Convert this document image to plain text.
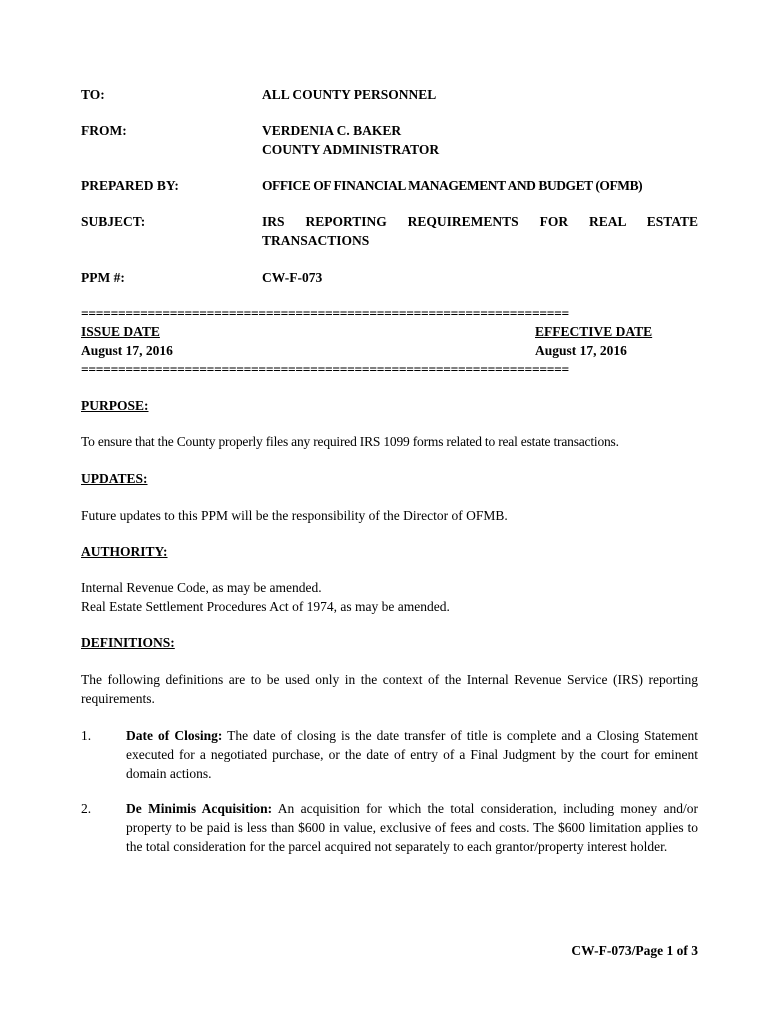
TO:	ALL COUNTY PERSONNEL
FROM:	VERDENIA C. BAKER
COUNTY ADMINISTRATOR
PREPARED BY:	OFFICE OF FINANCIAL MANAGEMENT AND BUDGET (OFMB)
SUBJECT:	IRS REPORTING REQUIREMENTS FOR REAL ESTATE
TRANSACTIONS
PPM #:	CW-F-073
==================================================================
ISSUE DATE
August 17, 2016
EFFECTIVE DATE
August 17, 2016
==================================================================
PURPOSE:
To ensure that the County properly files any required IRS 1099 forms related to real estate transactions.
UPDATES:
Future updates to this PPM will be the responsibility of the Director of OFMB.
AUTHORITY:
Internal Revenue Code, as may be amended.
Real Estate Settlement Procedures Act of 1974, as may be amended.
DEFINITIONS:
The following definitions are to be used only in the context of the Internal Revenue Service (IRS) reporting requirements.
1.	Date of Closing: The date of closing is the date transfer of title is complete and a Closing Statement executed for a negotiated purchase, or the date of entry of a Final Judgment by the court for eminent domain actions.
2.	De Minimis Acquisition: An acquisition for which the total consideration, including money and/or property to be paid is less than $600 in value, exclusive of fees and costs. The $600 limitation applies to the total consideration for the parcel acquired not separately to each grantor/property interest holder.
CW-F-073/Page 1 of 3
